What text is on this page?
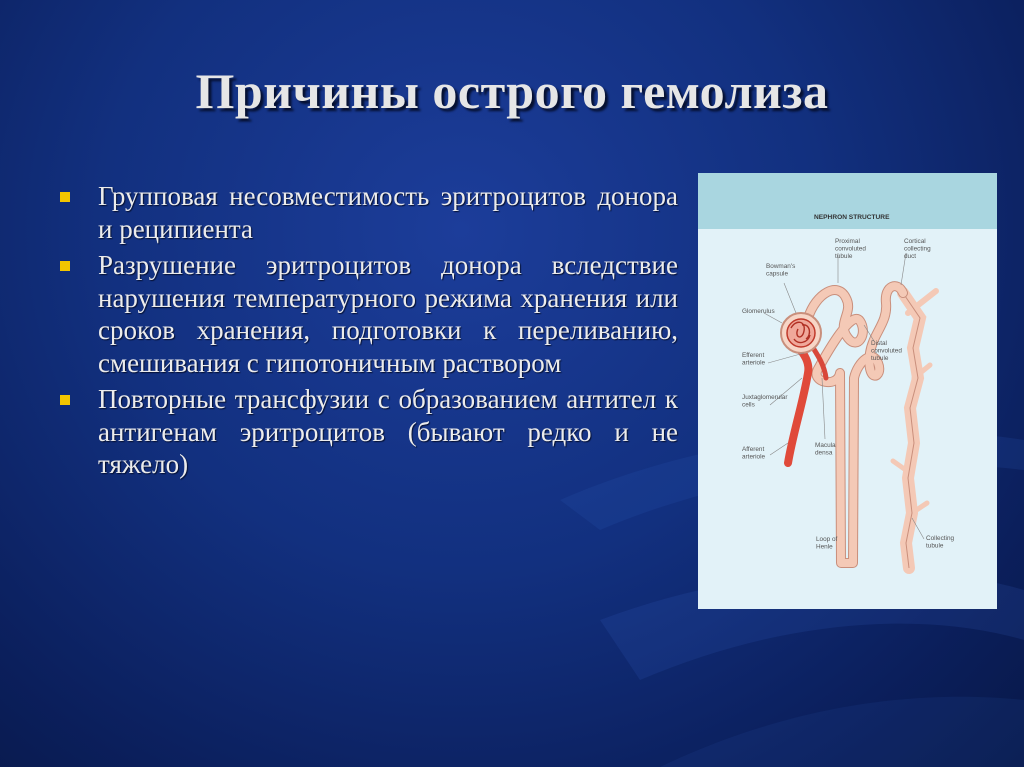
Причины острого гемолиза
Групповая несовместимость эритроцитов донора и реципиента
Разрушение эритроцитов донора вследствие нарушения температурного режима хранения или сроков хранения, подготовки к переливанию, смешивания с гипотоничным раствором
Повторные трансфузии с образованием антител к антигенам эритроцитов (бывают редко и не тяжело)
NEPHRON STRUCTURE
Bowman's capsule
Glomerulus
Efferent arteriole
Juxtaglomerular cells
Afferent arteriole
Macula densa
Loop of Henle
Proximal convoluted tubule
Distal convoluted tubule
Cortical collecting duct
Collecting tubule
